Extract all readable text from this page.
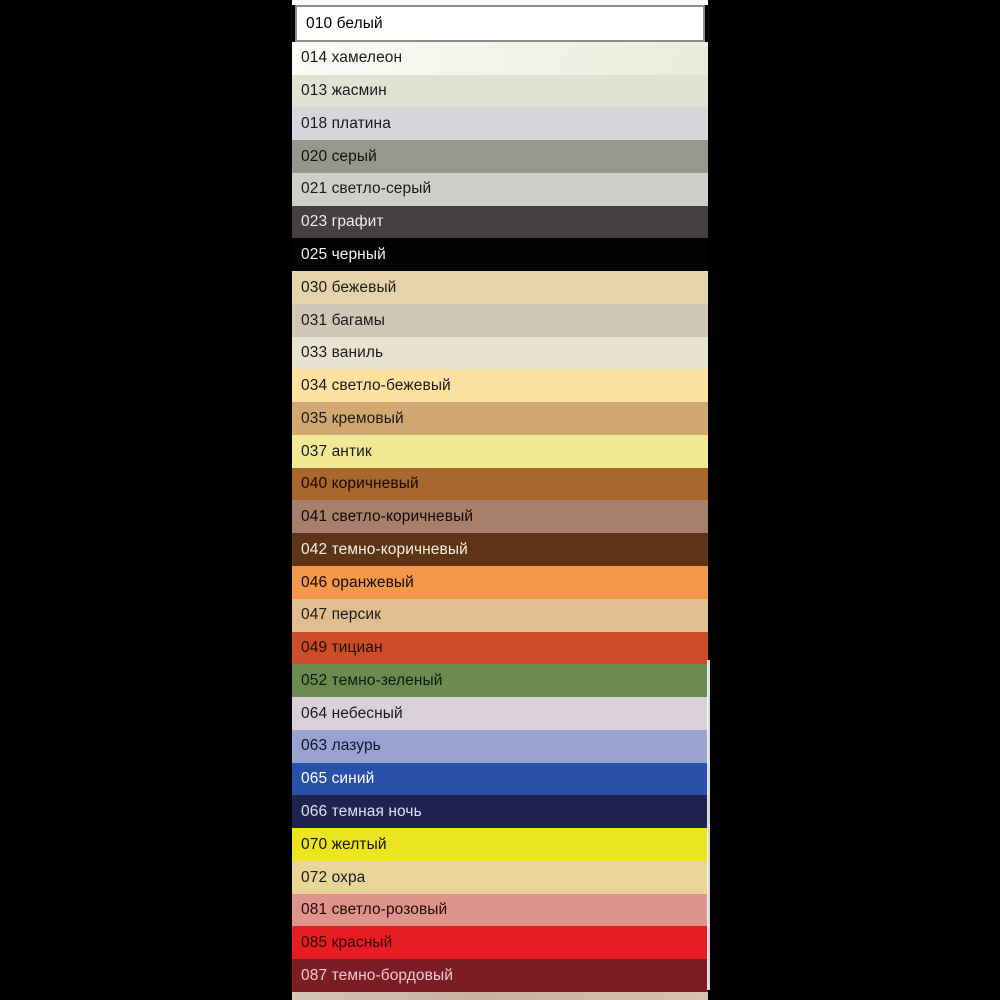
010 белый
014 хамелеон
013 жасмин
018 платина
020 серый
021 светло-серый
023 графит
025 черный
030 бежевый
031 багамы
033 ваниль
034 светло-бежевый
035 кремовый
037 антик
040 коричневый
041 светло-коричневый
042 темно-коричневый
046 оранжевый
047 персик
049 тициан
052 темно-зеленый
064 небесный
063 лазурь
065 синий
066 темная ночь
070 желтый
072 охра
081 светло-розовый
085 красный
087 темно-бордовый
